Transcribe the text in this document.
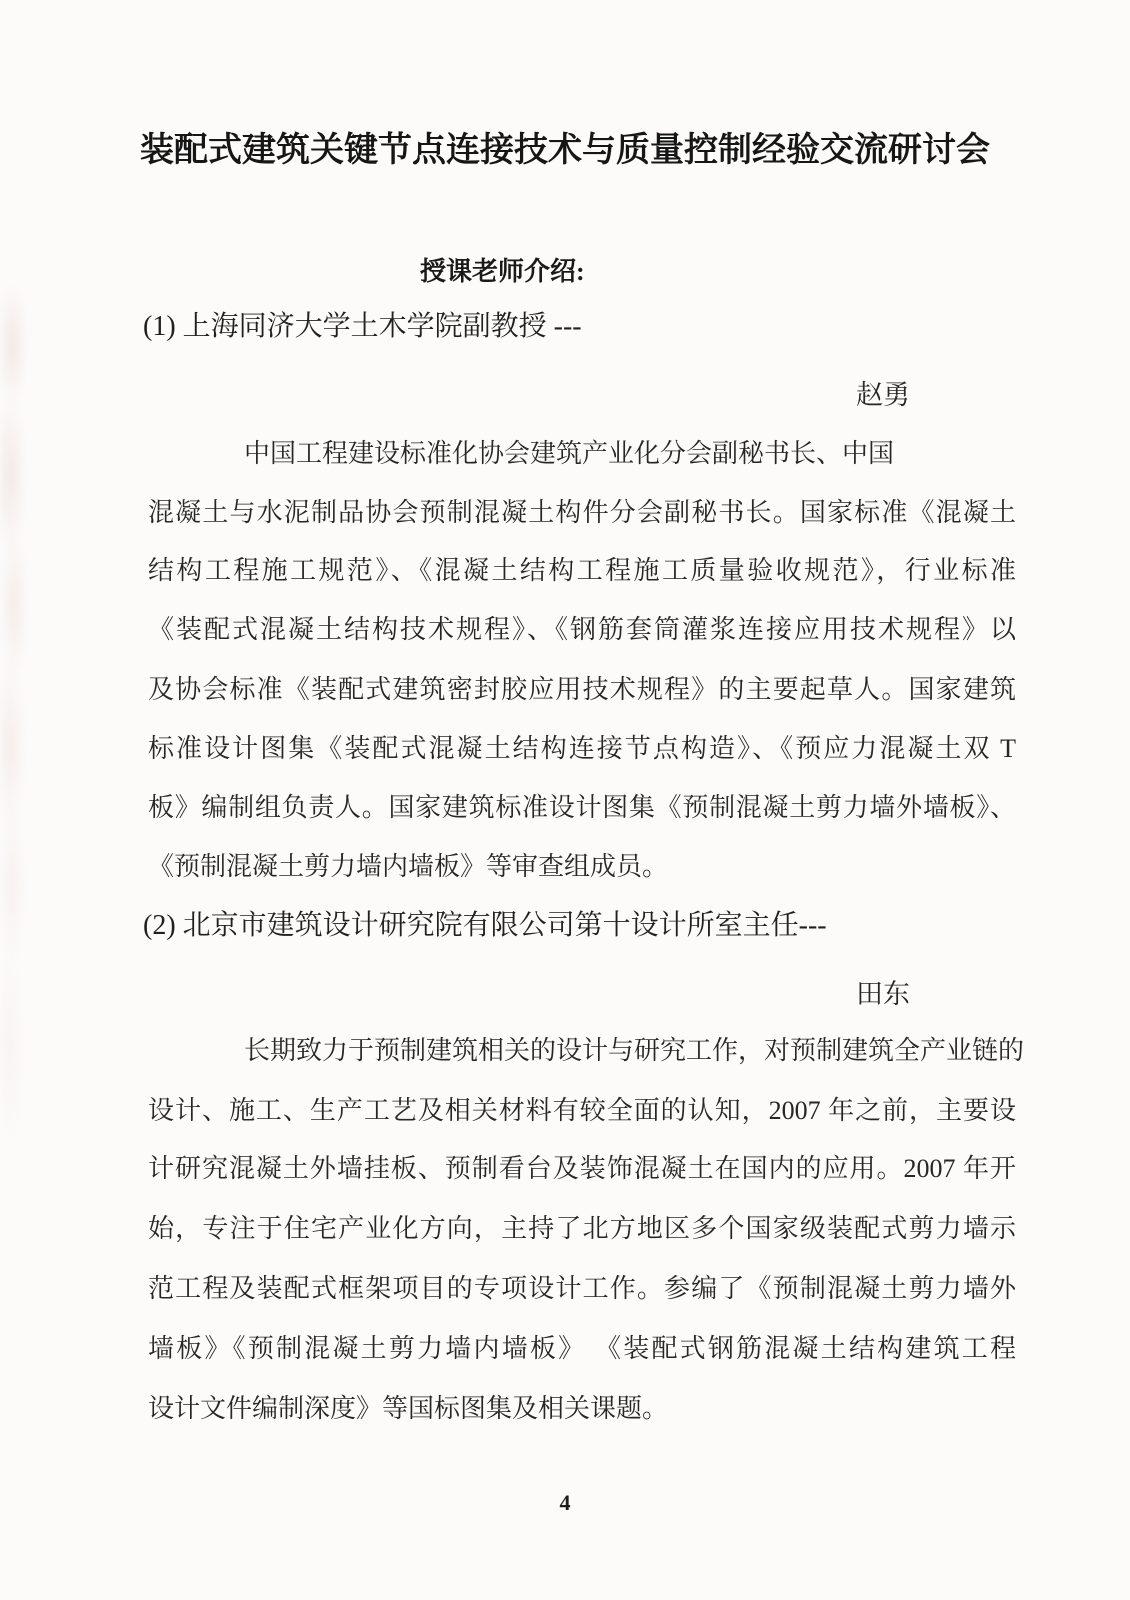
装配式建筑关键节点连接技术与质量控制经验交流研讨会
授课老师介绍:
(1) 上海同济大学土木学院副教授 ---
赵勇
中国工程建设标准化协会建筑产业化分会副秘书长、中国
混凝土与水泥制品协会预制混凝土构件分会副秘书长。国家标准《混凝土
结构工程施工规范》、《混凝土结构工程施工质量验收规范》，行业标准
《装配式混凝土结构技术规程》、《钢筋套筒灌浆连接应用技术规程》以
及协会标准《装配式建筑密封胶应用技术规程》的主要起草人。国家建筑
标准设计图集《装配式混凝土结构连接节点构造》、《预应力混凝土双 T
板》编制组负责人。国家建筑标准设计图集《预制混凝土剪力墙外墙板》、
《预制混凝土剪力墙内墙板》等审查组成员。
(2) 北京市建筑设计研究院有限公司第十设计所室主任---
田东
长期致力于预制建筑相关的设计与研究工作，对预制建筑全产业链的
设计、施工、生产工艺及相关材料有较全面的认知，2007 年之前，主要设
计研究混凝土外墙挂板、预制看台及装饰混凝土在国内的应用。2007 年开
始，专注于住宅产业化方向，主持了北方地区多个国家级装配式剪力墙示
范工程及装配式框架项目的专项设计工作。参编了《预制混凝土剪力墙外
墙板》《预制混凝土剪力墙内墙板》 《装配式钢筋混凝土结构建筑工程
设计文件编制深度》等国标图集及相关课题。
4
